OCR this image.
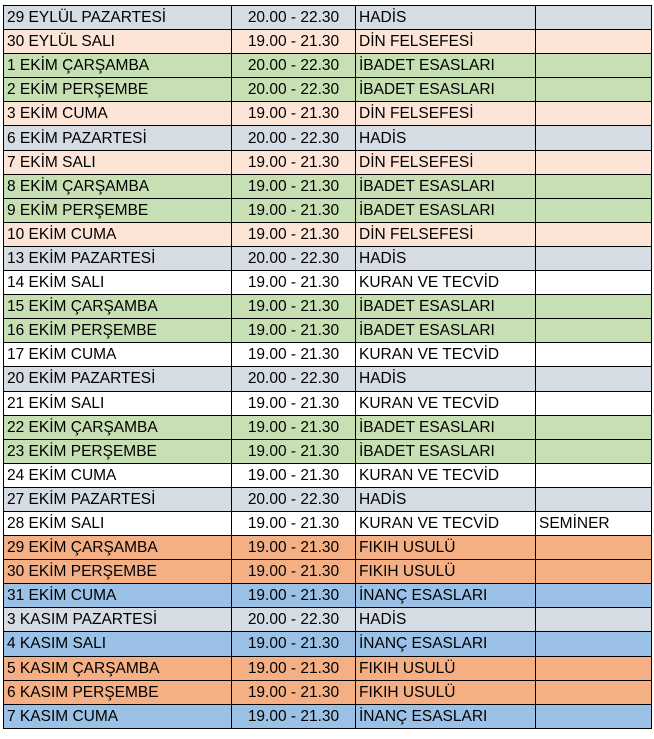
29 EYLÜL PAZARTESİ	20.00 - 22.30	HADİS	
30 EYLÜL SALI	19.00 - 21.30	DİN FELSEFESİ	
1 EKİM ÇARŞAMBA	20.00 - 22.30	İBADET ESASLARI	
2 EKİM PERŞEMBE	20.00 - 22.30	İBADET ESASLARI	
3 EKİM CUMA	19.00 - 21.30	DİN FELSEFESİ	
6 EKİM PAZARTESİ	20.00 - 22.30	HADİS	
7 EKİM SALI	19.00 - 21.30	DİN FELSEFESİ	
8 EKİM ÇARŞAMBA	19.00 - 21.30	İBADET ESASLARI	
9 EKİM PERŞEMBE	19.00 - 21.30	İBADET ESASLARI	
10 EKİM CUMA	19.00 - 21.30	DİN FELSEFESİ	
13 EKİM PAZARTESİ	20.00 - 22.30	HADİS	
14 EKİM SALI	19.00 - 21.30	KURAN VE TECVİD	
15 EKİM ÇARŞAMBA	19.00 - 21.30	İBADET ESASLARI	
16 EKİM PERŞEMBE	19.00 - 21.30	İBADET ESASLARI	
17 EKİM CUMA	19.00 - 21.30	KURAN VE TECVİD	
20 EKİM PAZARTESİ	20.00 - 22.30	HADİS	
21 EKİM SALI	19.00 - 21.30	KURAN VE TECVİD	
22 EKİM ÇARŞAMBA	19.00 - 21.30	İBADET ESASLARI	
23 EKİM PERŞEMBE	19.00 - 21.30	İBADET ESASLARI	
24 EKİM CUMA	19.00 - 21.30	KURAN VE TECVİD	
27 EKİM PAZARTESİ	20.00 - 22.30	HADİS	
28 EKİM SALI	19.00 - 21.30	KURAN VE TECVİD	SEMİNER
29 EKİM ÇARŞAMBA	19.00 - 21.30	FIKIH USULÜ	
30 EKİM PERŞEMBE	19.00 - 21.30	FIKIH USULÜ	
31 EKİM CUMA	19.00 - 21.30	İNANÇ ESASLARI	
3 KASIM PAZARTESİ	20.00 - 22.30	HADİS	
4 KASIM SALI	19.00 - 21.30	İNANÇ ESASLARI	
5 KASIM ÇARŞAMBA	19.00 - 21.30	FIKIH USULÜ	
6 KASIM PERŞEMBE	19.00 - 21.30	FIKIH USULÜ	
7 KASIM CUMA	19.00 - 21.30	İNANÇ ESASLARI	
